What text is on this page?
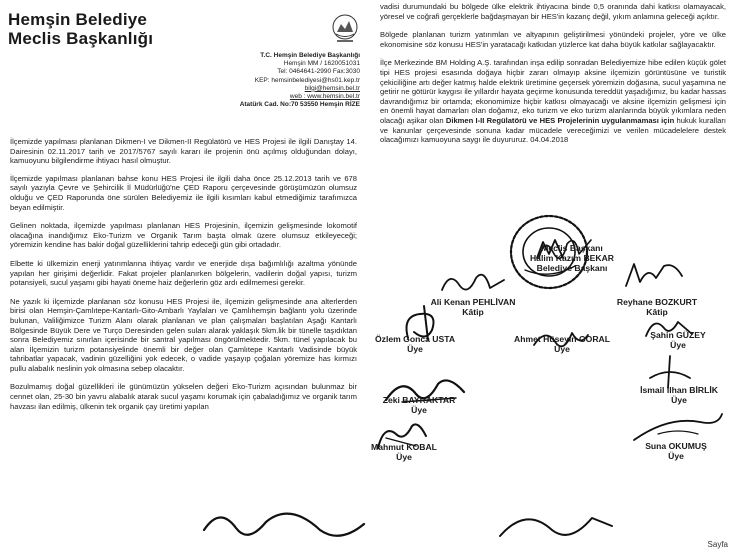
Hemşin Belediye
Meclis Başkanlığı
T.C. Hemşin Belediye Başkanlığı
Hemşin MM / 1620051031
Tel: 0464641-2990 Fax:3030
KEP: hemsinbelediyesi@hs01.kep.tr
bilgi@hemsin.bel.tr
web : www.hemsin.bel.tr
Atatürk Cad. No:70 53550 Hemşin RİZE

İlçemizde yapılması planlanan Dikmen-I ve Dikmen-II Regülatörü ve HES Projesi ile ilgili Danıştay 14. Dairesinin 02.11.2017 tarih ve 2017/5767 sayılı kararı ile projenin önü açılmış olduğundan dolayı, kamuoyunu bilgilendirme ihtiyacı hasıl olmuştur.

İlçemizde yapılması planlanan bahse konu HES Projesi ile ilgili daha önce 25.12.2013 tarih ve 678 sayılı yazıyla Çevre ve Şehircilik İl Müdürlüğü'ne ÇED Raporu çerçevesinde görüşümüzün olumsuz olduğu ve ÇED Raporunda öne sürülen Belediyemiz ile ilgili kısımları kabul etmediğimiz tarafımızca beyan edilmiştir.

Gelinen noktada, ilçemizde yapılması planlanan HES Projesinin, ilçemizin gelişmesinde lokomotif olacağına inandığımız Eko-Turizm ve Organik Tarım başta olmak üzere olumsuz etkileyeceği; yöremizin kendine has bakir doğal güzelliklerini tahrip edeceği gün gibi ortadadır.

Elbette ki ülkemizin enerji yatırımlarına ihtiyaç vardır ve enerjide dışa bağımlılığı azaltma yönünde yapılan her girişimi değerlidir. Fakat projeler planlanırken bölgelerin, vadilerin doğal yapısı, turizm potansiyeli, sucul yaşamı gibi hayati öneme haiz değerlerin göz ardı edilmemesi gerekir.

Ne yazık ki ilçemizde planlanan söz konusu HES Projesi ile, ilçemizin gelişmesinde ana alterlerden birisi olan Hemşin-Çamlıtepe-Kantarlı-Gito-Ambarlı Yaylaları ve Çamlıhemşin bağlantı yolu üzerinde bulunan, Valiliğimizce Turizm Alanı olarak planlanan ve plan çalışmaları başlatılan Aşağı Kantarlı Bölgesinde Büyük Dere ve Turço Deresinden gelen suları alarak yaklaşık 5km.lik bir tünelle taşıdıktan sonra Belediyemiz sınırları içerisinde bir santral yapılması öngörülmektedir. 5km. tünel yapılacak bu alan İlçemizin turizm potansiyelinde önemli bir değer olan Çamlıtepe Kantarlı Vadisinde büyük tahribatlar yapacak, vadinin güzelliğini yok edecek, o vadide yaşayıp çoğalan yöremize has kırmızı pullu alabalık neslinin yok olmasına sebep olacaktır.

Bozulmamış doğal güzellikleri ile günümüzün yükselen değeri Eko-Turizm açısından bulunmaz bir cennet olan, 25-30 bin yavru alabalık atarak sucul yaşamı korumak için çabaladığımız ve organik tarım havzası ilan edilmiş, ülkenin tek organik çay üretimi yapılan

vadisi durumundaki bu bölgede ülke elektrik ihtiyacına binde 0,5 oranında dahi katkısı olamayacak, yöresel ve coğrafi gerçeklerle bağdaşmayan bir HES'in kazanç değil, yıkım anlamına geleceği açıktır.

Bölgede planlanan turizm yatırımları ve altyapının geliştirilmesi yönündeki projeler, yöre ve ülke ekonomisine söz konusu HES'in yaratacağı katkıdan yüzlerce kat daha büyük katkılar sağlayacaktır.

İlçe Merkezinde BM Holding A.Ş. tarafından inşa edilip sonradan Belediyemize hibe edilen küçük gölet tipi HES projesi esasında doğaya hiçbir zararı olmayıp aksine ilçemizin görüntüsüne ve turistik çekiciliğine artı değer katmış halde elektrik üretimine geçersek yöremizin doğasına, sucul yaşamına ne getirir ne götürür kaygısı ile yıllardır hayata geçirme konusunda tereddüt yaşadığımız, bu kadar hassas davrandığımız bir ortamda; ekonomimize hiçbir katkısı olmayacağı ve aksine ilçemizin gelişmesi için en önemli hayat damarları olan doğamız, eko turizm ve eko turizm alanlarında büyük yıkımlara neden olacağı aşikar olan Dikmen I-II Regülatörü ve HES Projelerinin uygulanmaması için hukuk kuralları ve kanunlar çerçevesinde sonuna kadar mücadele vereceğimizi ve verilen mücadelelere destek olacağımızı kamuoyuna saygı ile duyururuz. 04.04.2018

Meclis Başkanı
Halim Kazım BEKAR
Belediye Başkanı
Ali Kenan PEHLİVAN
Kâtip
Reyhane BOZKURT
Kâtip
Özlem Gonca USTA
Üye
Ahmet Hüseyin GORAL
Üye
Şahin GÜZEY
Üye
Zeki BAYRAKTAR
Üye
İsmail İlhan BİRLİK
Üye
Mahmut KOBAL
Üye
Suna OKUMUŞ
Üye
Sayfa
